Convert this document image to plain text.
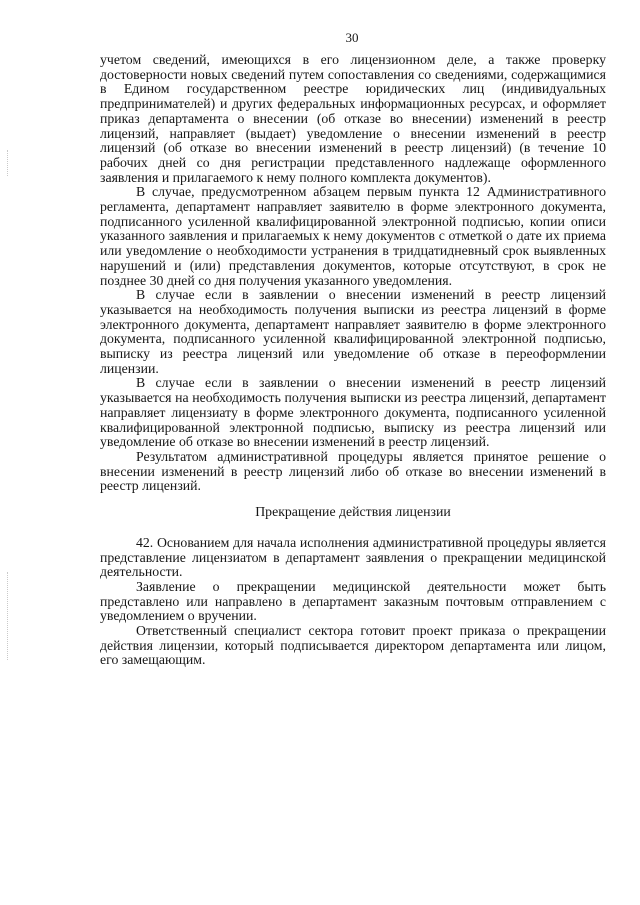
30

учетом сведений, имеющихся в его лицензионном деле, а также проверку достоверности новых сведений путем сопоставления со сведениями, содержащимися в Едином государственном реестре юридических лиц (индивидуальных предпринимателей) и других федеральных информационных ресурсах, и оформляет приказ департамента о внесении (об отказе во внесении) изменений в реестр лицензий, направляет (выдает) уведомление о внесении изменений в реестр лицензий (об отказе во внесении изменений в реестр лицензий) (в течение 10 рабочих дней со дня регистрации представленного надлежаще оформленного заявления и прилагаемого к нему полного комплекта документов).

В случае, предусмотренном абзацем первым пункта 12 Административного регламента, департамент направляет заявителю в форме электронного документа, подписанного усиленной квалифицированной электронной подписью, копии описи указанного заявления и прилагаемых к нему документов с отметкой о дате их приема или уведомление о необходимости устранения в тридцатидневный срок выявленных нарушений и (или) представления документов, которые отсутствуют, в срок не позднее 30 дней со дня получения указанного уведомления.

В случае если в заявлении о внесении изменений в реестр лицензий указывается на необходимость получения выписки из реестра лицензий в форме электронного документа, департамент направляет заявителю в форме электронного документа, подписанного усиленной квалифицированной электронной подписью, выписку из реестра лицензий или уведомление об отказе в переоформлении лицензии.

В случае если в заявлении о внесении изменений в реестр лицензий указывается на необходимость получения выписки из реестра лицензий, департамент направляет лицензиату в форме электронного документа, подписанного усиленной квалифицированной электронной подписью, выписку из реестра лицензий или уведомление об отказе во внесении изменений в реестр лицензий.

Результатом административной процедуры является принятое решение о внесении изменений в реестр лицензий либо об отказе во внесении изменений в реестр лицензий.

Прекращение действия лицензии

42. Основанием для начала исполнения административной процедуры является представление лицензиатом в департамент заявления о прекращении медицинской деятельности.

Заявление о прекращении медицинской деятельности может быть представлено или направлено в департамент заказным почтовым отправлением с уведомлением о вручении.

Ответственный специалист сектора готовит проект приказа о прекращении действия лицензии, который подписывается директором департамента или лицом, его замещающим.
